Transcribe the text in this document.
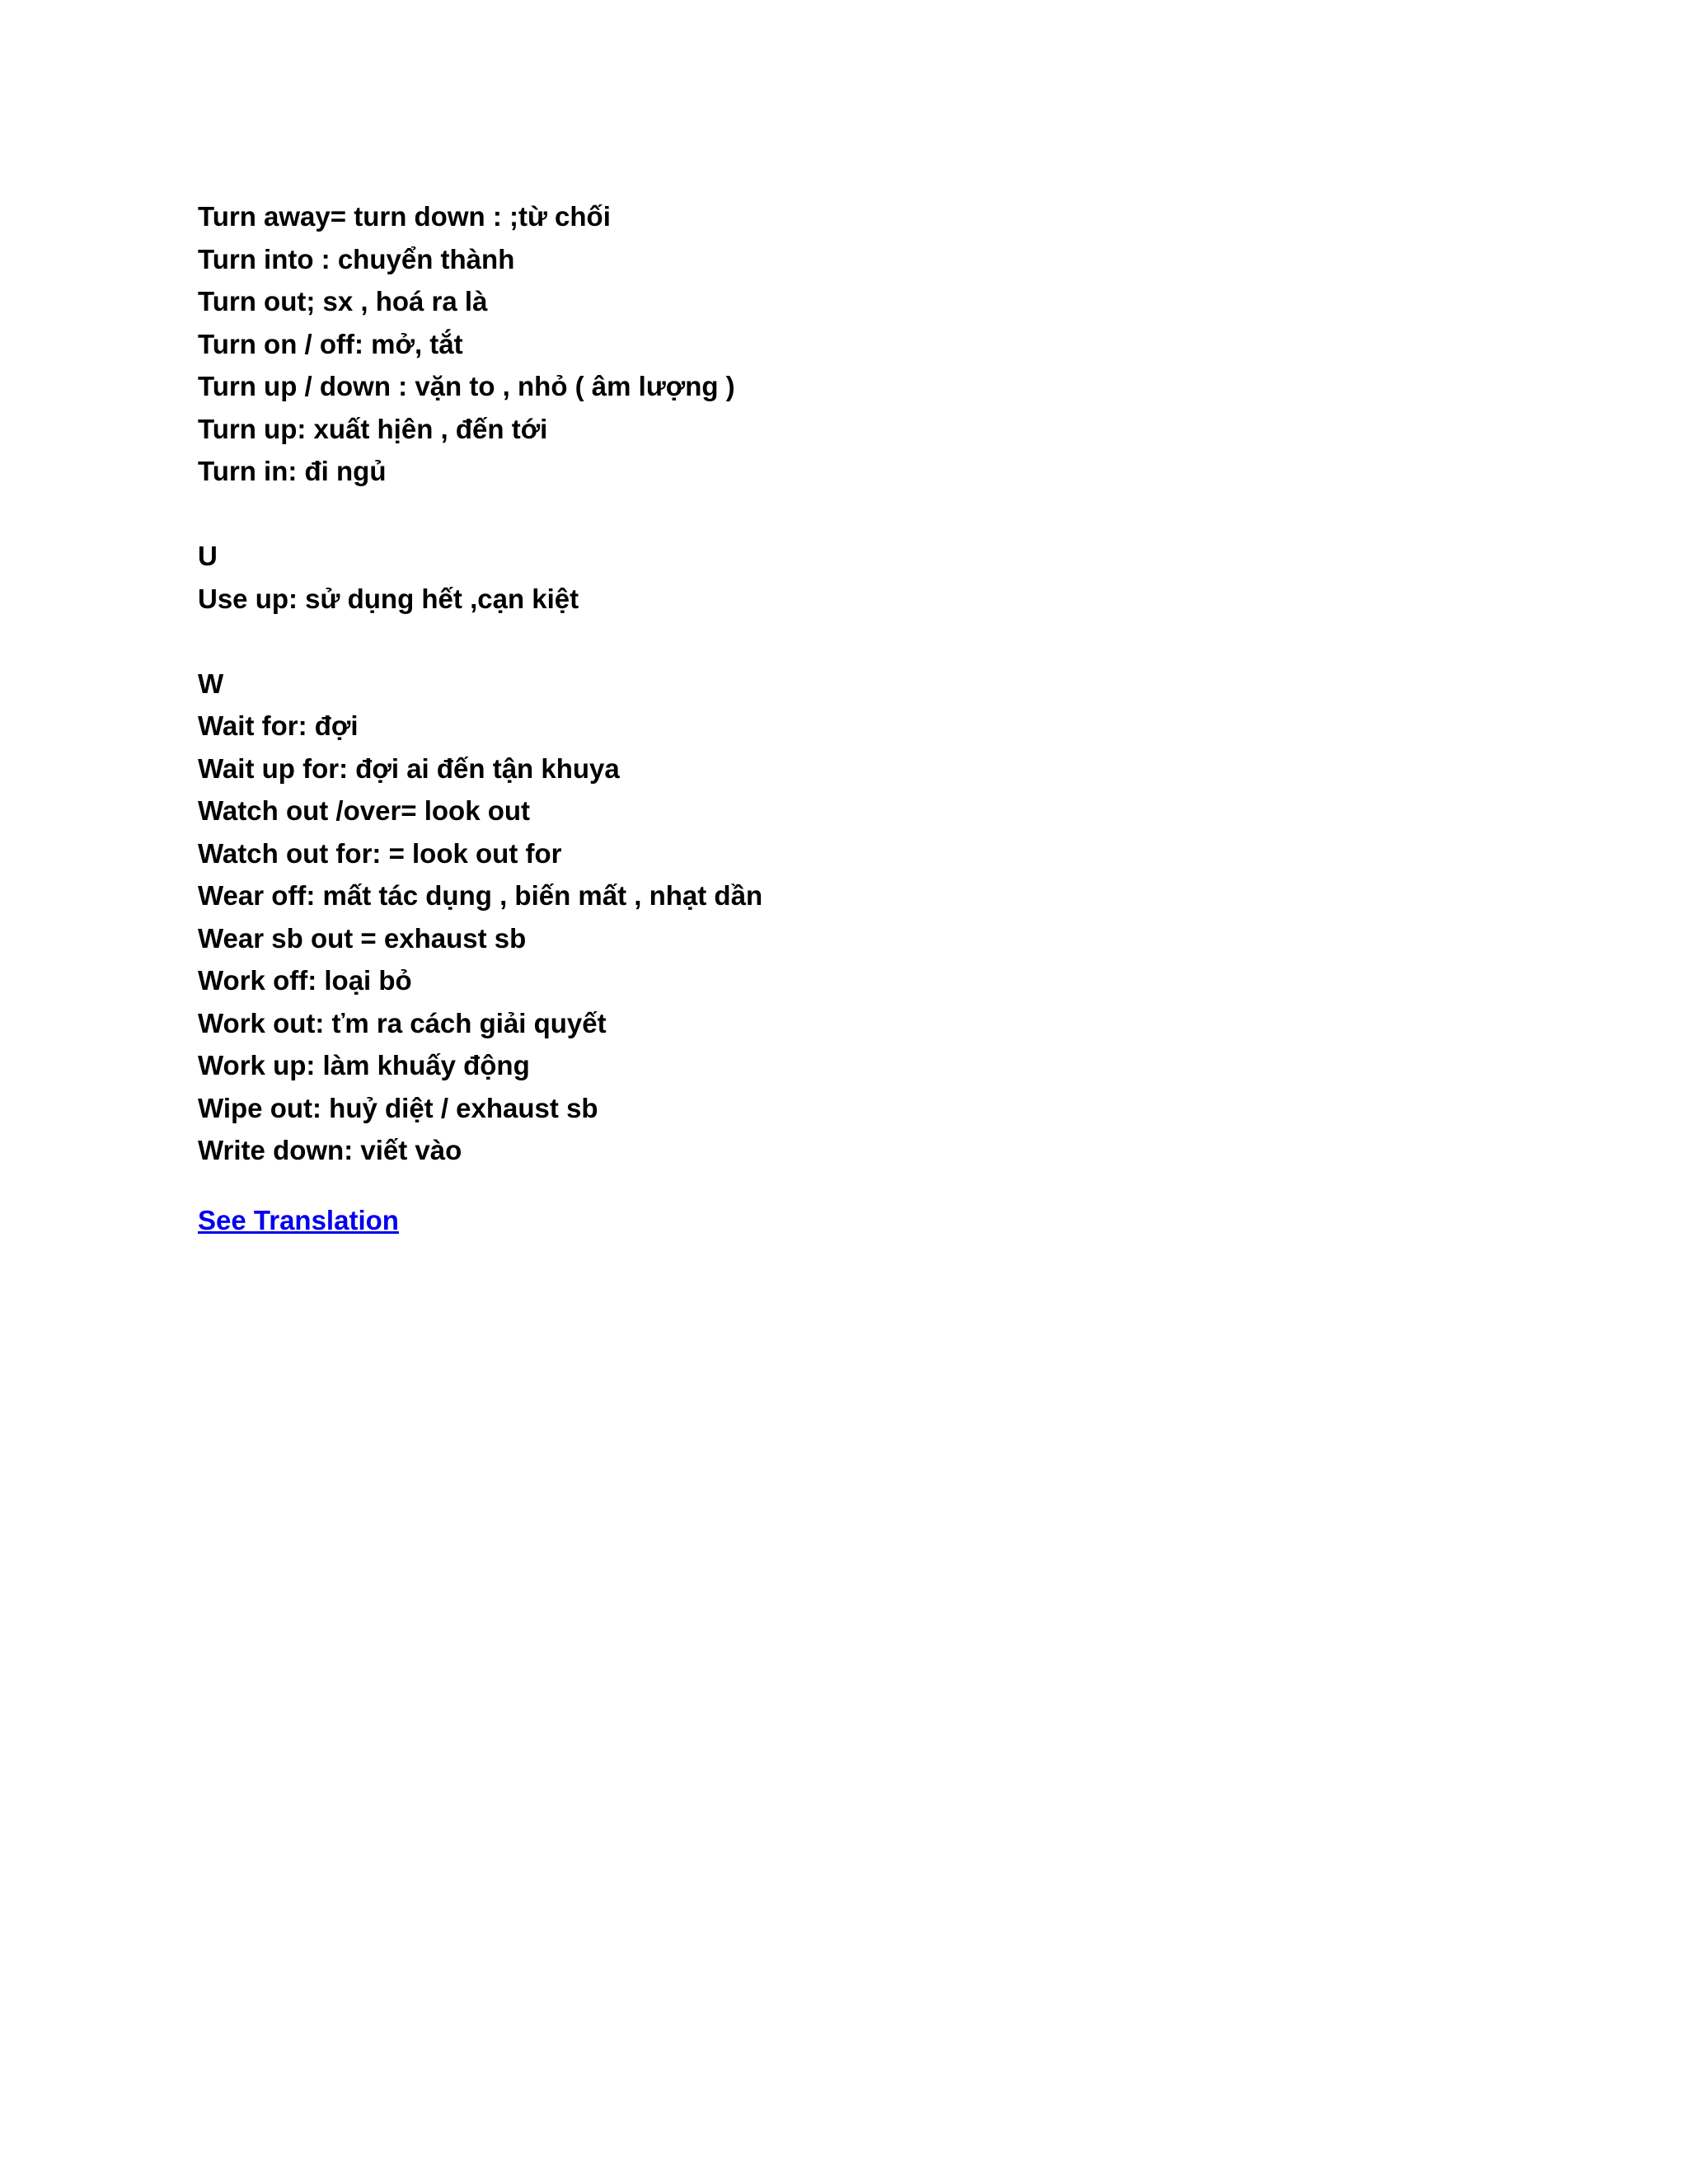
Turn away= turn down : ;từ chối
Turn into : chuyển thành
Turn out; sx , hoá ra là
Turn on / off: mở, tắt
Turn up / down : vặn to , nhỏ ( âm lượng )
Turn up: xuất hịên , đến tới
Turn in: đi ngủ
U
Use up: sử dụng hết ,cạn kiệt
W
Wait for: đợi
Wait up for: đợi ai đến tận khuya
Watch out /over= look out
Watch out for: = look out for
Wear off: mất tác dụng , biến mất , nhạt dần
Wear sb out = exhaust sb
Work off: loại bỏ
Work out: ťm ra cách giải quyết
Work up: làm khuấy động
Wipe out: huỷ diệt / exhaust sb
Write down: viết vào
See Translation
